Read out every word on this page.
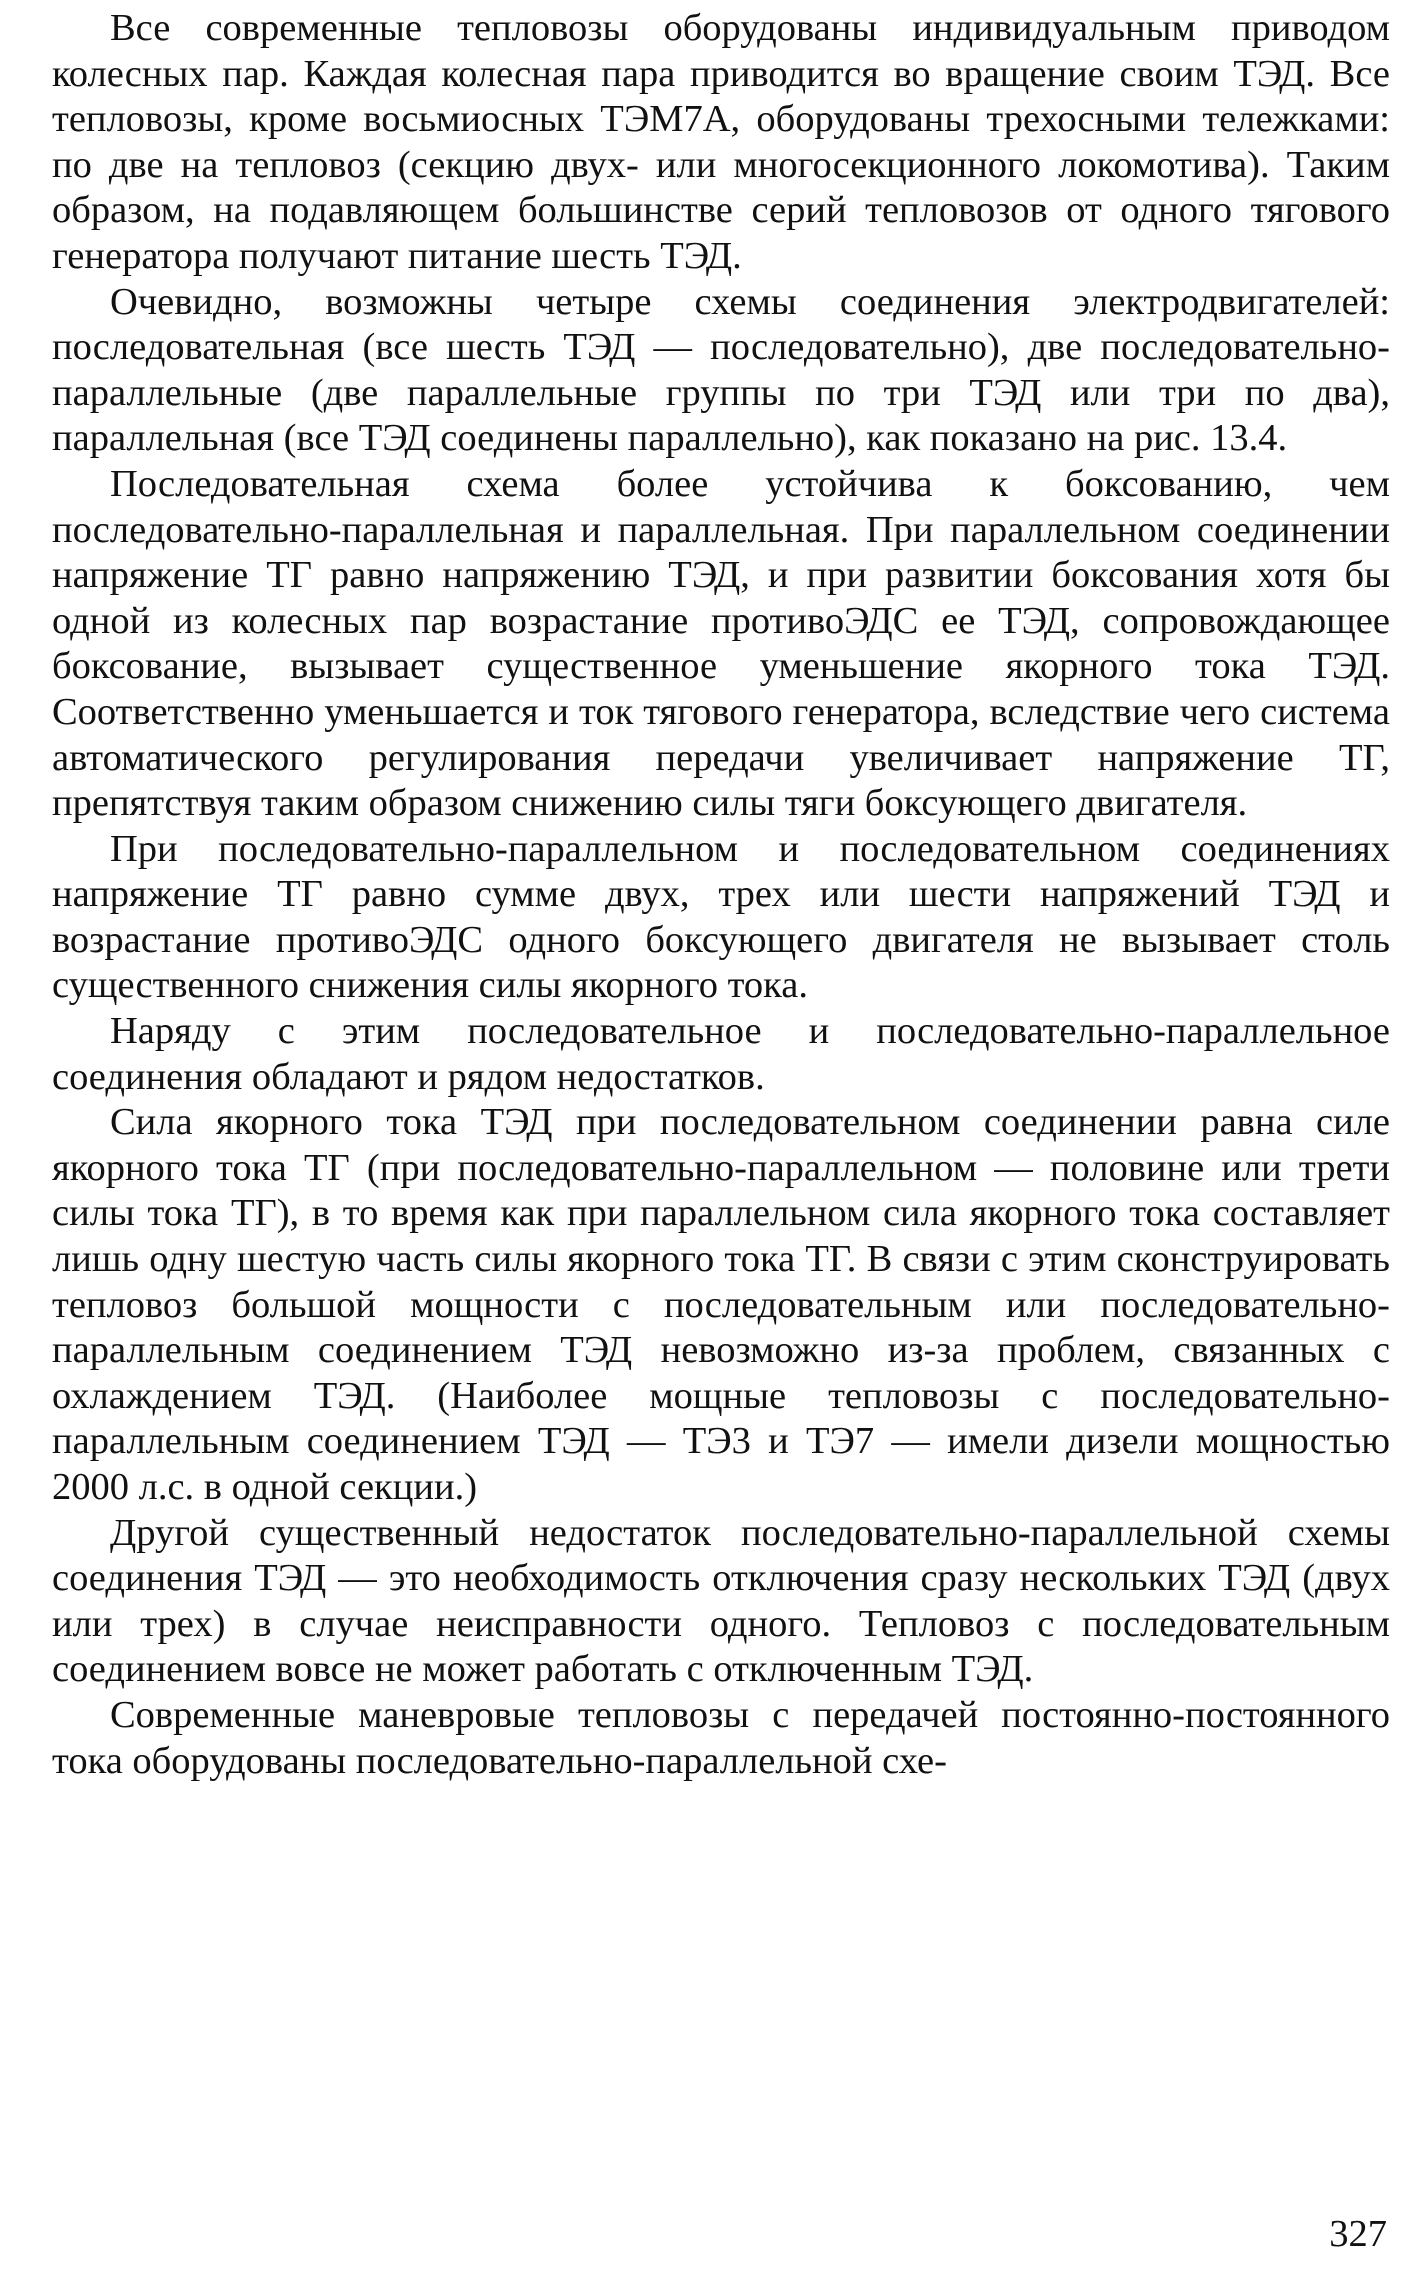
Все современные тепловозы оборудованы индивидуальным приводом колесных пар. Каждая колесная пара приводится во вращение своим ТЭД. Все тепловозы, кроме восьмиосных ТЭМ7А, оборудованы трехосными тележками: по две на тепловоз (секцию двух- или многосекционного локомотива). Таким образом, на подавляющем большинстве серий тепловозов от одного тягового генератора получают питание шесть ТЭД.

Очевидно, возможны четыре схемы соединения электродвигателей: последовательная (все шесть ТЭД — последовательно), две последовательно-параллельные (две параллельные группы по три ТЭД или три по два), параллельная (все ТЭД соединены параллельно), как показано на рис. 13.4.

Последовательная схема более устойчива к боксованию, чем последовательно-параллельная и параллельная. При параллельном соединении напряжение ТГ равно напряжению ТЭД, и при развитии боксования хотя бы одной из колесных пар возрастание противоЭДС ее ТЭД, сопровождающее боксование, вызывает существенное уменьшение якорного тока ТЭД. Соответственно уменьшается и ток тягового генератора, вследствие чего система автоматического регулирования передачи увеличивает напряжение ТГ, препятствуя таким образом снижению силы тяги боксующего двигателя.

При последовательно-параллельном и последовательном соединениях напряжение ТГ равно сумме двух, трех или шести напряжений ТЭД и возрастание противоЭДС одного боксующего двигателя не вызывает столь существенного снижения силы якорного тока.

Наряду с этим последовательное и последовательно-параллельное соединения обладают и рядом недостатков.

Сила якорного тока ТЭД при последовательном соединении равна силе якорного тока ТГ (при последовательно-параллельном — половине или трети силы тока ТГ), в то время как при параллельном сила якорного тока составляет лишь одну шестую часть силы якорного тока ТГ. В связи с этим сконструировать тепловоз большой мощности с последовательным или последовательно-параллельным соединением ТЭД невозможно из-за проблем, связанных с охлаждением ТЭД. (Наиболее мощные тепловозы с последовательно-параллельным соединением ТЭД — ТЭ3 и ТЭ7 — имели дизели мощностью 2000 л.с. в одной секции.)

Другой существенный недостаток последовательно-параллельной схемы соединения ТЭД — это необходимость отключения сразу нескольких ТЭД (двух или трех) в случае неисправности одного. Тепловоз с последовательным соединением вовсе не может работать с отключенным ТЭД.

Современные маневровые тепловозы с передачей постоянно-постоянного тока оборудованы последовательно-параллельной схе-

327
